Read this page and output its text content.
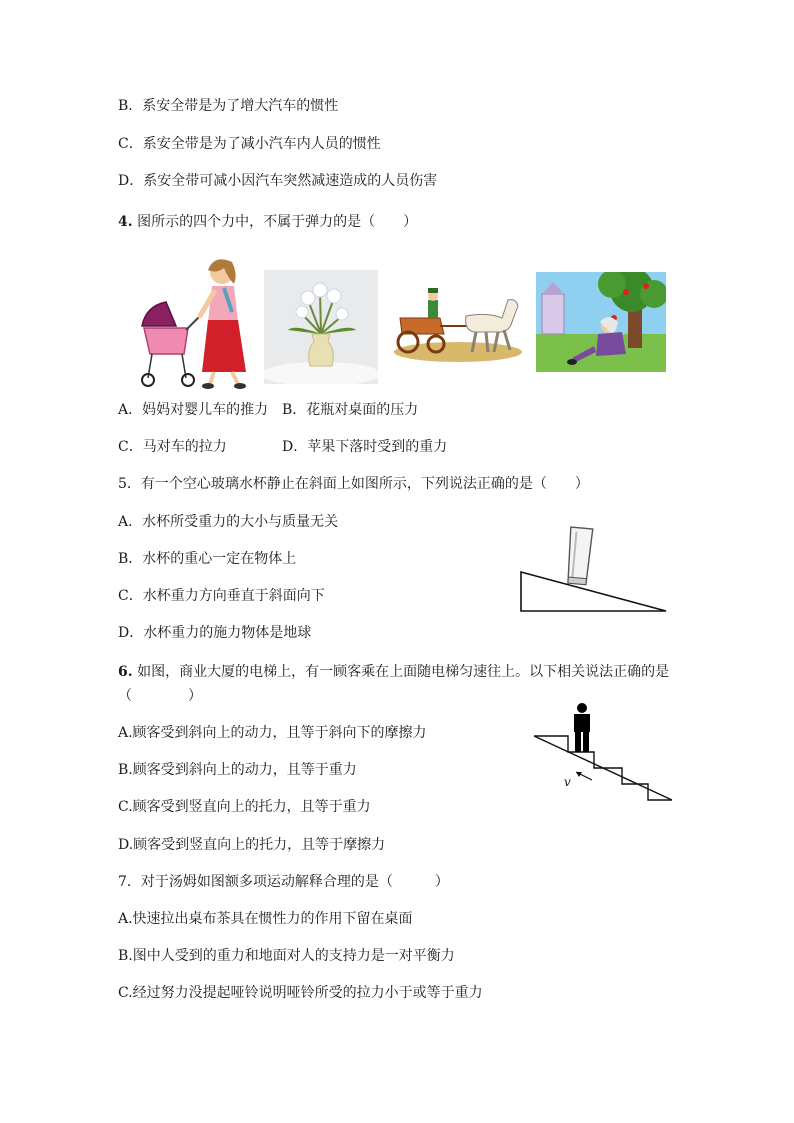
B．系安全带是为了增大汽车的惯性
C．系安全带是为了减小汽车内人员的惯性
D．系安全带可减小因汽车突然减速造成的人员伤害
4. 图所示的四个力中，不属于弹力的是（　　）
A．妈妈对婴儿车的推力 B．花瓶对桌面的压力
C．马对车的拉力	D．苹果下落时受到的重力
5．有一个空心玻璃水杯静止在斜面上如图所示，下列说法正确的是（　　）
A．水杯所受重力的大小与质量无关
B．水杯的重心一定在物体上
C．水杯重力方向垂直于斜面向下
D．水杯重力的施力物体是地球
6. 如图，商业大厦的电梯上，有一顾客乘在上面随电梯匀速往上。以下相关说法正确的是　（　　　　）
A.顾客受到斜向上的动力，且等于斜向下的摩擦力
B.顾客受到斜向上的动力，且等于重力
C.顾客受到竖直向上的托力，且等于重力
D.顾客受到竖直向上的托力，且等于摩擦力
v
7．对于汤姆如图额多项运动解释合理的是（　　　）
A.快速拉出桌布茶具在惯性力的作用下留在桌面
B.图中人受到的重力和地面对人的支持力是一对平衡力
C.经过努力没提起哑铃说明哑铃所受的拉力小于或等于重力
